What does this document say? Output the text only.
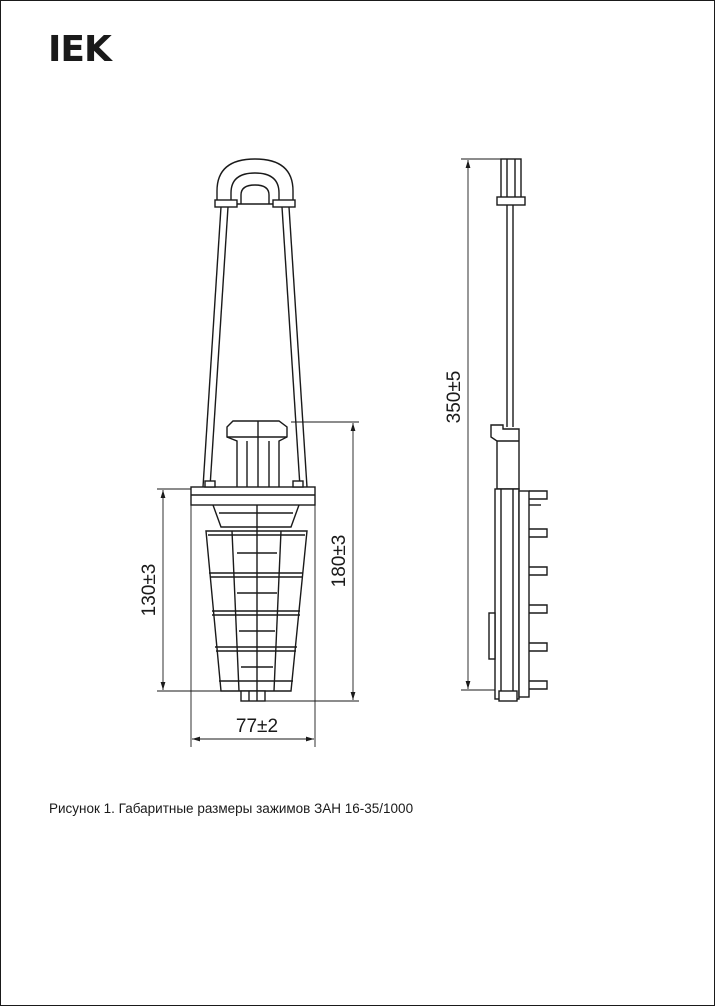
IEK
130±3
180±3
77±2
350±5
Рисунок 1. Габаритные размеры зажимов ЗАН 16-35/1000
